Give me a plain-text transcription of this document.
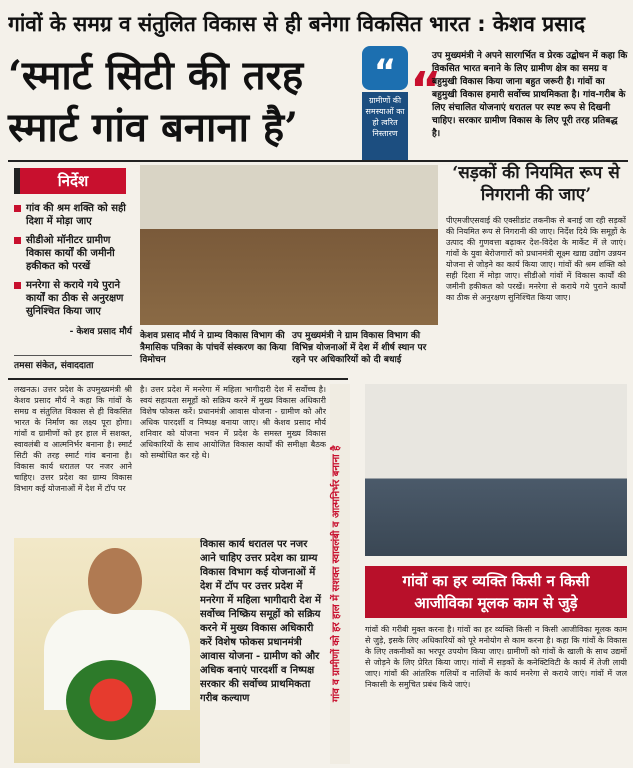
गांवों के समग्र व संतुलित विकास से ही बनेगा विकसित भारत : केशव प्रसाद
‘स्मार्ट सिटी की तरह
स्मार्ट गांव बनाना है’
“
ग्रामीणों की समस्याओं का हो त्वरित निस्तारण
“
उप मुख्यमंत्री ने अपने सारगर्भित व प्रेरक उद्बोधन में कहा कि विकसित भारत बनाने के लिए ग्रामीण क्षेत्र का समग्र व बहुमुखी विकास किया जाना बहुत जरूरी है। गांवों का बहुमुखी विकास हमारी सर्वोच्च प्राथमिकता है। गांव-गरीब के लिए संचालित योजनाएं धरातल पर स्पष्ट रूप से दिखनी चाहिए। सरकार ग्रामीण विकास के लिए पूरी तरह प्रतिबद्ध है।
निर्देश
गांव की श्रम शक्ति को सही दिशा में मोड़ा जाए
सीडीओ मॉनीटर ग्रामीण विकास कार्यों की जमीनी हकीकत को परखें
मनरेगा से कराये गये पुराने कार्यों का ठीक से अनुरक्षण सुनिश्चित किया जाए
- केशव प्रसाद मौर्य
तमसा संकेत, संवाददाता
केशव प्रसाद मौर्य ने ग्राम्य विकास विभाग की त्रैमासिक पत्रिका के पांचवें संस्करण का किया विमोचन
उप मुख्यमंत्री ने ग्राम विकास विभाग की विभिन्न योजनाओं में देश में शीर्ष स्थान पर रहने पर अधिकारियों को दी बधाई
‘सड़कों की नियमित रूप से निगरानी की जाए’
पीएमजीएसवाई की एक्सीडांट तकनीक से बनाई जा रही सड़कों की नियमित रूप से निगरानी की जाए। निर्देश दिये कि समूहों के उत्पाद की गुणवत्ता बढ़ाकर देश-विदेश के मार्केट में ले जाएं। गांवों के युवा बेरोजगारों को प्रधानमंत्री सूक्ष्म खाद्य उद्योग उन्नयन योजना से जोड़ने का कार्य किया जाए। गांवों की श्रम शक्ति को सही दिशा में मोड़ा जाए। सीडीओ गांवों में विकास कार्यों की जमीनी हकीकत को परखें। मनरेगा से कराये गये पुराने कार्यों का ठीक से अनुरक्षण सुनिश्चित किया जाए।
लखनऊ। उत्तर प्रदेश के उपमुख्यमंत्री श्री केशव प्रसाद मौर्य ने कहा कि गांवों के समग्र व संतुलित विकास से ही विकसित भारत के निर्माण का लक्ष्य पूरा होगा। गांवों व ग्रामीणों को हर हाल में सशक्त, स्वावलंबी व आत्मनिर्भर बनाना है। स्मार्ट सिटी की तरह स्मार्ट गांव बनाना है। विकास कार्य धरातल पर नजर आने चाहिए। उत्तर प्रदेश का ग्राम्य विकास विभाग कई योजनाओं में देश में टॉप पर
है। उत्तर प्रदेश में मनरेगा में महिला भागीदारी देश में सर्वोच्च है। स्वयं सहायता समूहों को सक्रिय करने में मुख्य विकास अधिकारी विशेष फोकस करें। प्रधानमंत्री आवास योजना - ग्रामीण को और अधिक पारदर्शी व निष्पक्ष बनाया जाए। श्री केशव प्रसाद मौर्य शनिवार को योजना भवन में प्रदेश के समस्त मुख्य विकास अधिकारियों के साथ आयोजित विकास कार्यों की समीक्षा बैठक को सम्बोधित कर रहे थे।	गांव व ग्रामीणों को हर हाल में सशक्त स्वावलंबी व आत्मनिर्भर बनाना है
विकास कार्य धरातल पर नजर आने चाहिए उत्तर प्रदेश का ग्राम्य विकास विभाग कई योजनाओं में देश में टॉप पर उत्तर प्रदेश में मनरेगा में महिला भागीदारी देश में सर्वोच्च निष्क्रिय समूहों को सक्रिय करने में मुख्य विकास अधिकारी करें विशेष फोकस प्रधानमंत्री आवास योजना - ग्रामीण को और अधिक बनाएं पारदर्शी व निष्पक्ष सरकार की सर्वोच्च प्राथमिकता गरीब कल्याण
गांवों का हर व्यक्ति किसी न किसी
आजीविका मूलक काम से जुड़े
गांवों की गरीबी मुक्त करना है। गांवों का हर व्यक्ति किसी न किसी आजीविका मूलक काम से जुड़े, इसके लिए अधिकारियों को पूरे मनोयोग से काम करना है। कहा कि गांवों के विकास के लिए तकनीकों का भरपूर उपयोग किया जाए। ग्रामीणों को गांवों के खाली के साथ उद्यमों से जोड़ने के लिए प्रेरित किया जाए। गांवों में सड़कों के कनेक्टिविटी के कार्य में तेजी लायी जाए। गांवों की आंतरिक गलियों व नालियों के कार्य मनरेगा से कराये जाएं। गांवों में जल निकासी के समुचित प्रबंध किये जाएं।
